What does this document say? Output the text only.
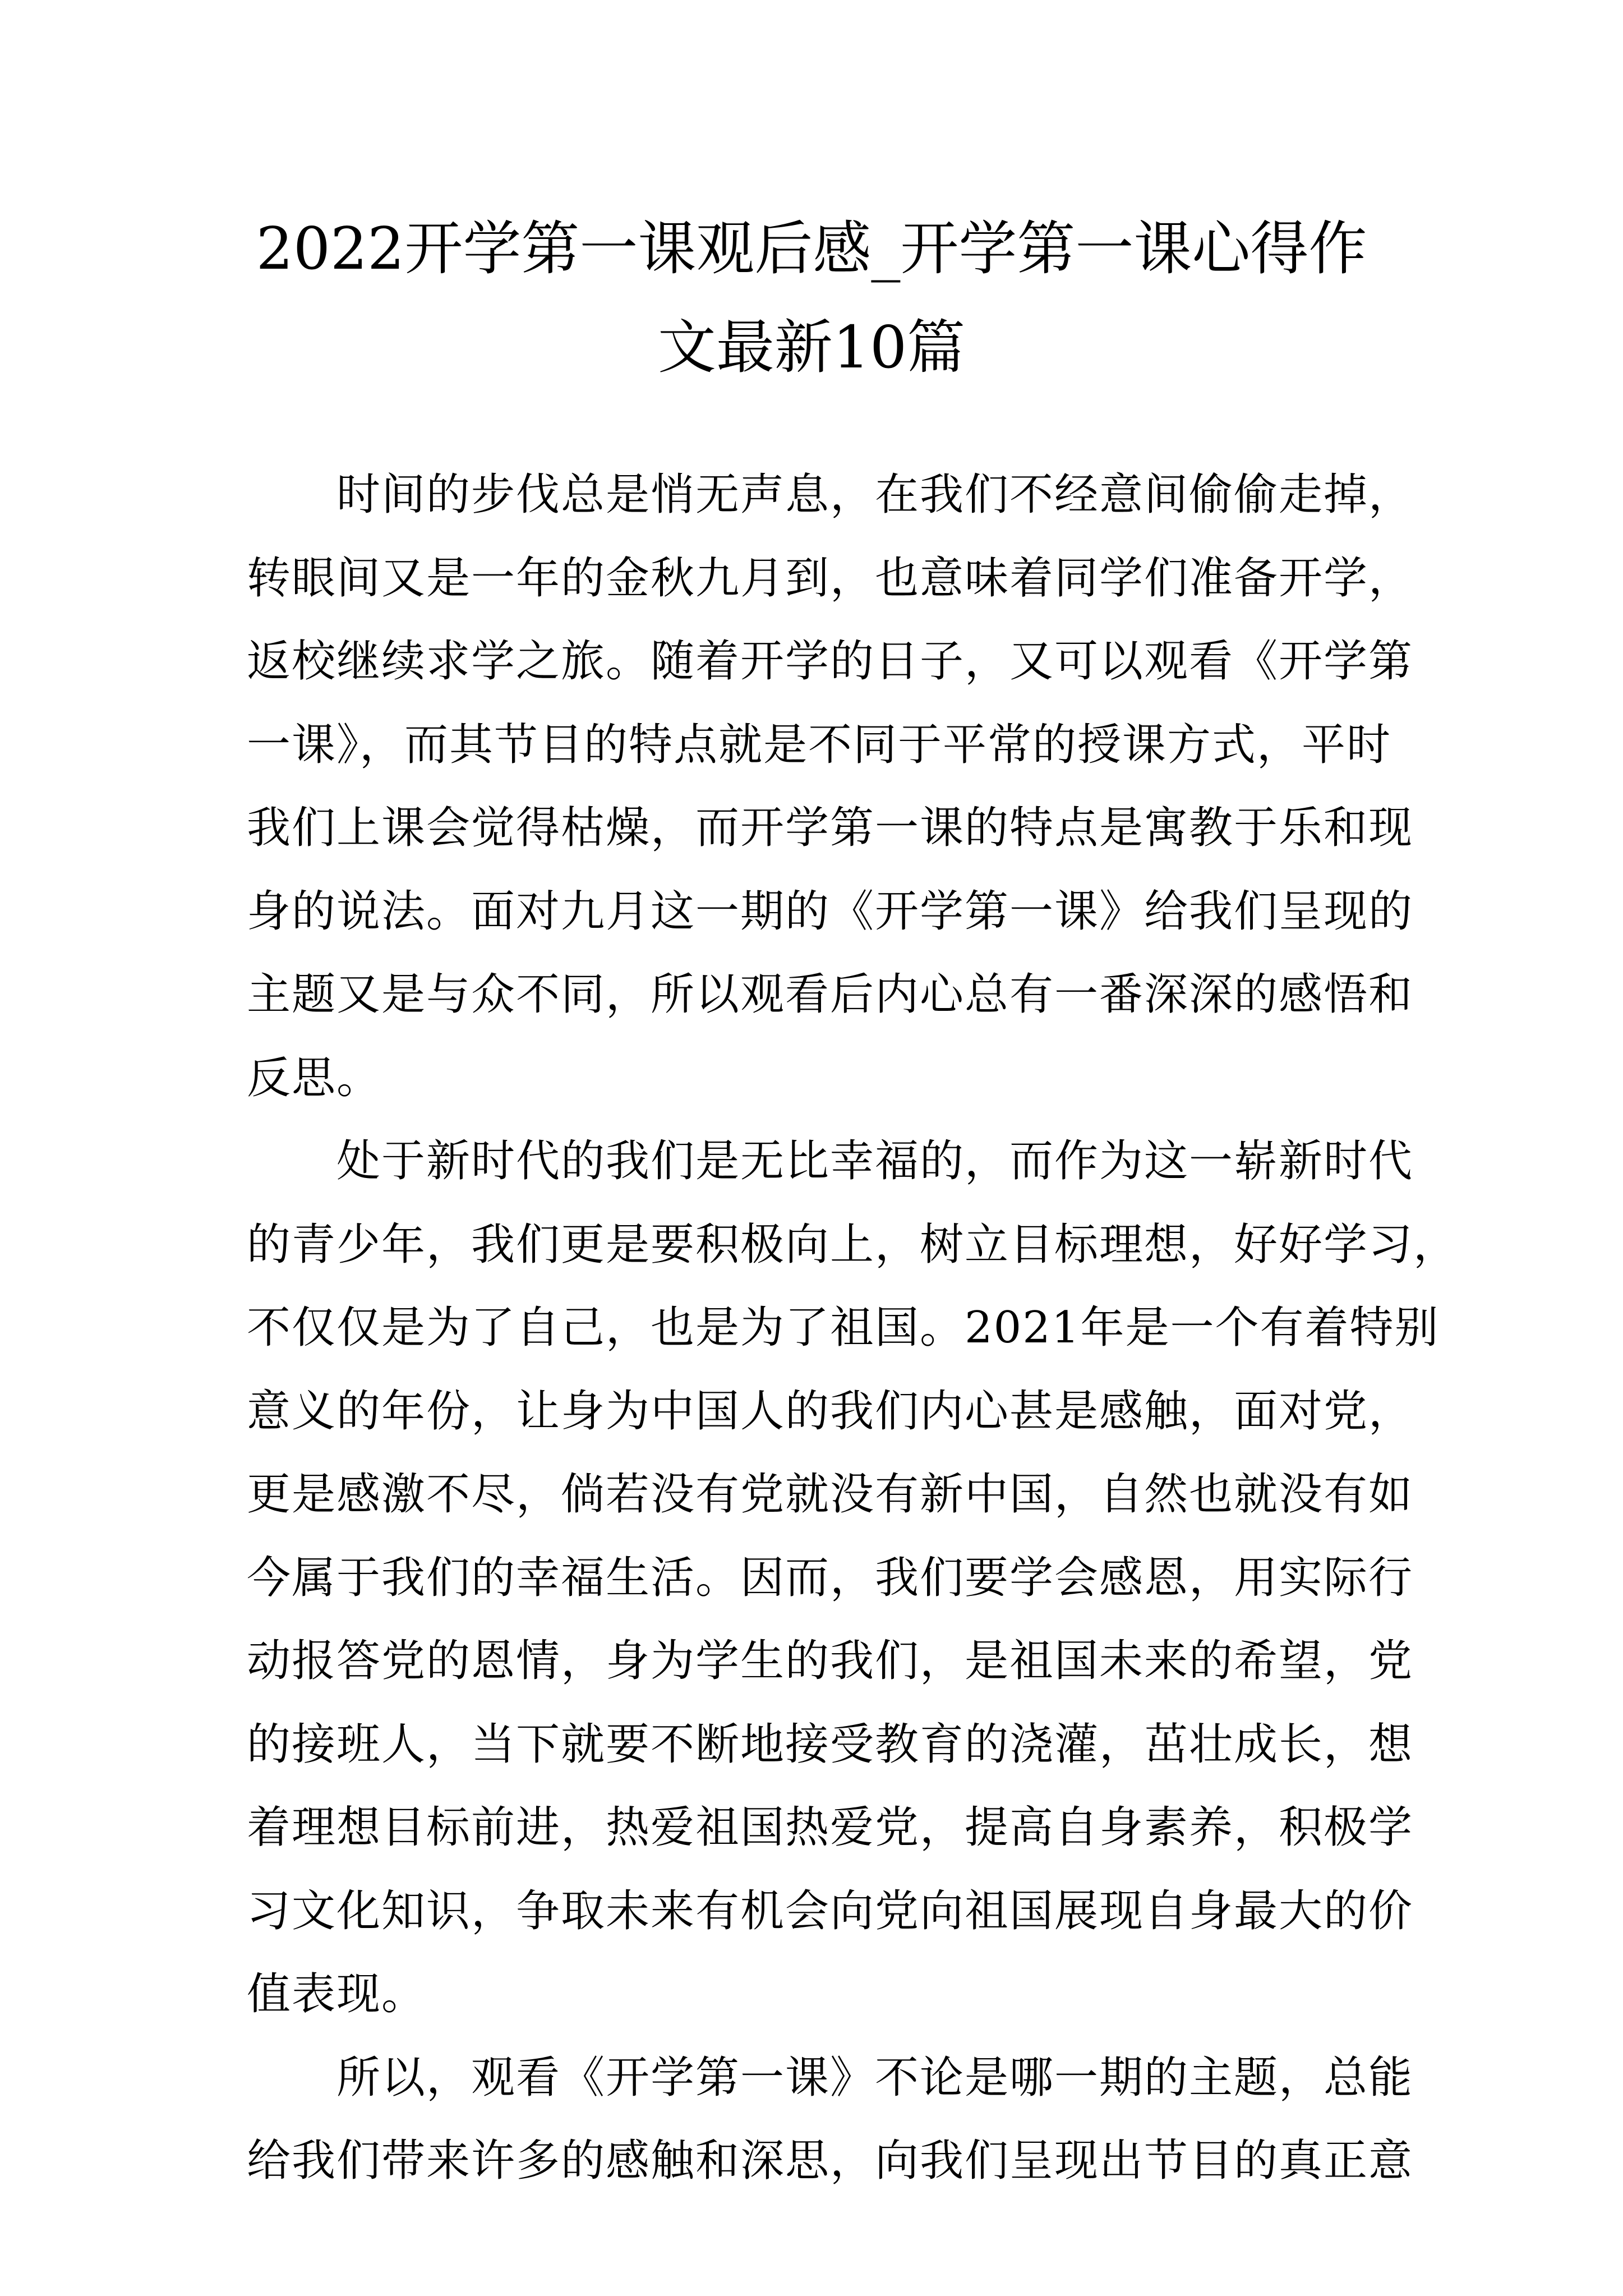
2022开学第一课观后感_开学第一课心得作
文最新10篇
时间的步伐总是悄无声息，在我们不经意间偷偷走掉，
转眼间又是一年的金秋九月到，也意味着同学们准备开学，
返校继续求学之旅。随着开学的日子，又可以观看《开学第
一课》，而其节目的特点就是不同于平常的授课方式，平时
我们上课会觉得枯燥，而开学第一课的特点是寓教于乐和现
身的说法。面对九月这一期的《开学第一课》给我们呈现的
主题又是与众不同，所以观看后内心总有一番深深的感悟和
反思。
处于新时代的我们是无比幸福的，而作为这一崭新时代
的青少年，我们更是要积极向上，树立目标理想，好好学习，
不仅仅是为了自己，也是为了祖国。2021年是一个有着特别
意义的年份，让身为中国人的我们内心甚是感触，面对党，
更是感激不尽，倘若没有党就没有新中国，自然也就没有如
今属于我们的幸福生活。因而，我们要学会感恩，用实际行
动报答党的恩情，身为学生的我们，是祖国未来的希望，党
的接班人，当下就要不断地接受教育的浇灌，茁壮成长，想
着理想目标前进，热爱祖国热爱党，提高自身素养，积极学
习文化知识，争取未来有机会向党向祖国展现自身最大的价
值表现。
所以，观看《开学第一课》不论是哪一期的主题，总能
给我们带来许多的感触和深思，向我们呈现出节目的真正意
